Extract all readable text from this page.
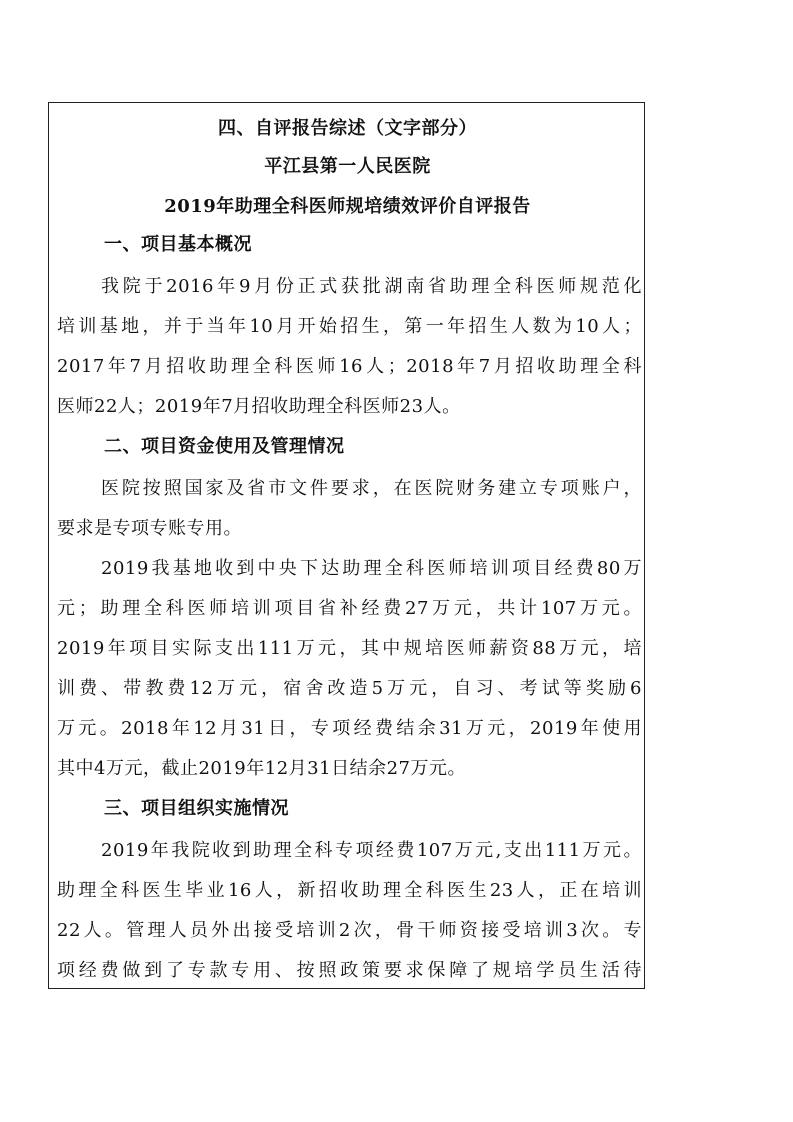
四、自评报告综述（文字部分）
平江县第一人民医院
2019年助理全科医师规培绩效评价自评报告
一、项目基本概况
我院于2016年9月份正式获批湖南省助理全科医师规范化
培训基地，并于当年10月开始招生，第一年招生人数为10人；
2017年7月招收助理全科医师16人；2018年7月招收助理全科
医师22人；2019年7月招收助理全科医师23人。
二、项目资金使用及管理情况
医院按照国家及省市文件要求，在医院财务建立专项账户，
要求是专项专账专用。
2019我基地收到中央下达助理全科医师培训项目经费80万
元；助理全科医师培训项目省补经费27万元，共计107万元。
2019年项目实际支出111万元，其中规培医师薪资88万元，培
训费、带教费12万元，宿舍改造5万元，自习、考试等奖励6
万元。2018年12月31日，专项经费结余31万元，2019年使用
其中4万元，截止2019年12月31日结余27万元。
三、项目组织实施情况
2019年我院收到助理全科专项经费107万元,支出111万元。
助理全科医生毕业16人，新招收助理全科医生23人，正在培训
22人。管理人员外出接受培训2次，骨干师资接受培训3次。专
项经费做到了专款专用、按照政策要求保障了规培学员生活待
